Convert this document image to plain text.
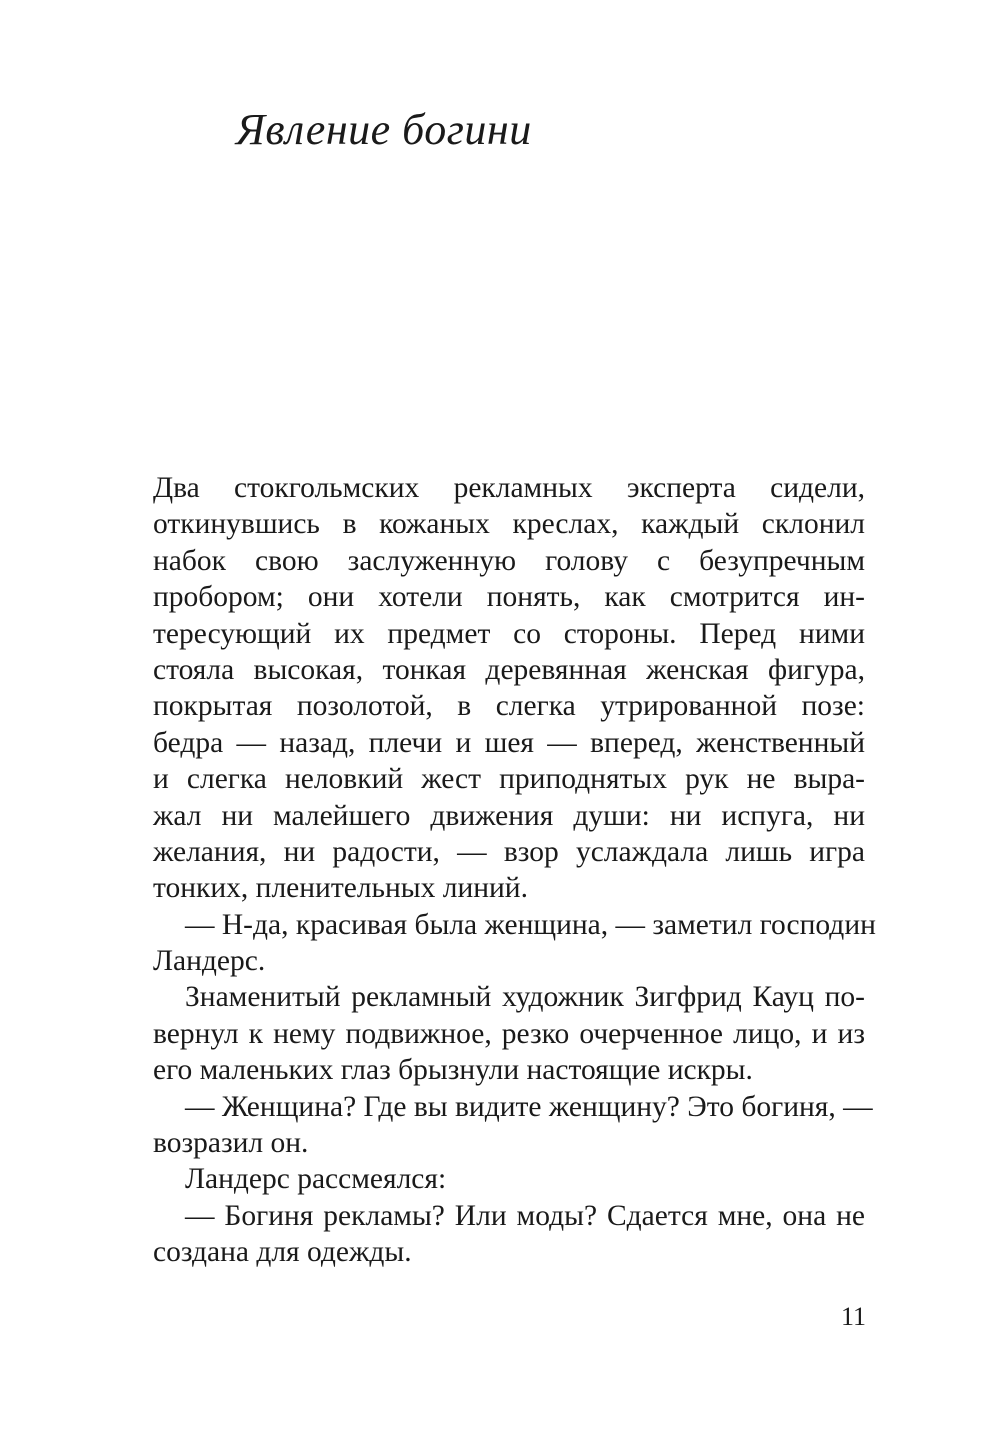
Явление богини
Два стокгольмских рекламных эксперта сидели,
откинувшись в кожаных креслах, каждый склонил
набок свою заслуженную голову с безупречным
пробором; они хотели понять, как смотрится ин-
тересующий их предмет со стороны. Перед ними
стояла высокая, тонкая деревянная женская фигура,
покрытая позолотой, в слегка утрированной позе:
бедра — назад, плечи и шея — вперед, женственный
и слегка неловкий жест приподнятых рук не выра-
жал ни малейшего движения души: ни испуга, ни
желания, ни радости, — взор услаждала лишь игра
тонких, пленительных линий.
— Н-да, красивая была женщина, — заметил господин
Ландерс.
Знаменитый рекламный художник Зигфрид Кауц по-
вернул к нему подвижное, резко очерченное лицо, и из
его маленьких глаз брызнули настоящие искры.
— Женщина? Где вы видите женщину? Это богиня, —
возразил он.
Ландерс рассмеялся:
— Богиня рекламы? Или моды? Сдается мне, она не
создана для одежды.

11
